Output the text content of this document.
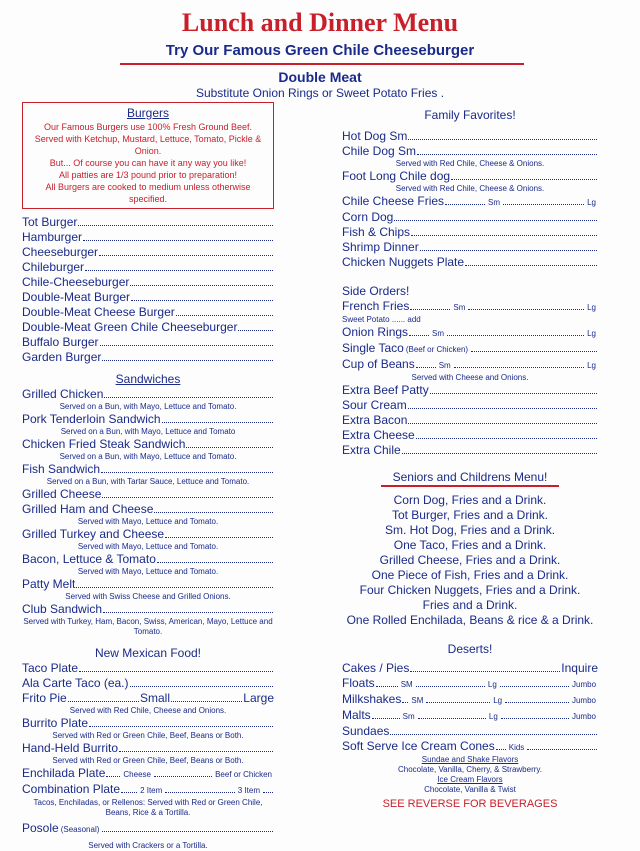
Lunch and Dinner Menu
Try Our Famous Green Chile Cheeseburger
Double Meat
Substitute Onion Rings or Sweet Potato Fries .
Burgers
Our Famous Burgers use 100% Fresh Ground Beef.
Served with Ketchup, Mustard, Lettuce, Tomato, Pickle & Onion.
But... Of course you can have it any way you like!
All patties are 1/3 pound prior to preparation!
All Burgers are cooked to medium unless otherwise specified.
Tot Burger
Hamburger
Cheeseburger
Chileburger
Chile-Cheeseburger
Double-Meat Burger
Double-Meat Cheese Burger
Double-Meat Green Chile Cheeseburger
Buffalo Burger
Garden Burger
Sandwiches
Grilled Chicken
Served on a Bun, with Mayo, Lettuce and Tomato.
Pork Tenderloin Sandwich
Served on a Bun, with Mayo, Lettuce and Tomato
Chicken Fried Steak Sandwich
Served on a Bun, with Mayo, Lettuce and Tomato.
Fish Sandwich
Served on a Bun, with Tartar Sauce, Lettuce and Tomato.
Grilled Cheese
Grilled Ham and Cheese
Served with Mayo, Lettuce and Tomato.
Grilled Turkey and Cheese
Served with Mayo, Lettuce and Tomato.
Bacon, Lettuce & Tomato
Served with Mayo, Lettuce and Tomato.
Patty Melt
Served with Swiss Cheese and Grilled Onions.
Club Sandwich
Served with Turkey, Ham, Bacon, Swiss, American, Mayo, Lettuce and Tomato.
New Mexican Food!
Taco Plate
Ala Carte Taco (ea.)
Frito Pie	Small	Large
Served with Red Chile, Cheese and Onions.
Burrito Plate
Served with Red or Green Chile, Beef, Beans or Both.
Hand-Held Burrito
Served with Red or Green Chile, Beef, Beans or Both.
Enchilada Plate Cheese	Beef or Chicken
Combination Plate	2 Item	3 Item
Tacos, Enchiladas, or Rellenos: Served with Red or Green Chile, Beans, Rice & a Tortilla.
Posole (Seasonal)
Served with Crackers or a Tortilla.
Family Favorites!
Hot Dog Sm
Chile Dog Sm
Served with Red Chile, Cheese & Onions.
Foot Long Chile dog
Served with Red Chile, Cheese & Onions.
Chile Cheese Fries	Sm	Lg
Corn Dog
Fish & Chips
Shrimp Dinner
Chicken Nuggets Plate
Side Orders!
French Fries	Sm	Lg
Sweet Potato ...... add
Onion Rings	Sm	Lg
Single Taco (Beef or Chicken)
Cup of Beans	Sm	Lg
Served with Cheese and Onions.
Extra Beef Patty
Sour Cream
Extra Bacon
Extra Cheese
Extra Chile
Seniors and Childrens Menu!
Corn Dog, Fries and a Drink.
Tot Burger, Fries and a Drink.
Sm. Hot Dog, Fries and a Drink.
One Taco, Fries and a Drink.
Grilled Cheese, Fries and a Drink.
One Piece of Fish, Fries and a Drink.
Four Chicken Nuggets, Fries and a Drink.
Fries and a Drink.
One Rolled Enchilada, Beans & rice & a Drink.
Deserts!
Cakes / Pies	Inquire
Floats	SM	Lg	Jumbo
Milkshakes SM	Lg	Jumbo
Malts	Sm	Lg	Jumbo
Sundaes
Soft Serve Ice Cream Cones Kids
Sundae and Shake Flavors
Chocolate, Vanilla, Cherry, & Strawberry.
Ice Cream Flavors
Chocolate, Vanilla & Twist
SEE REVERSE FOR BEVERAGES
